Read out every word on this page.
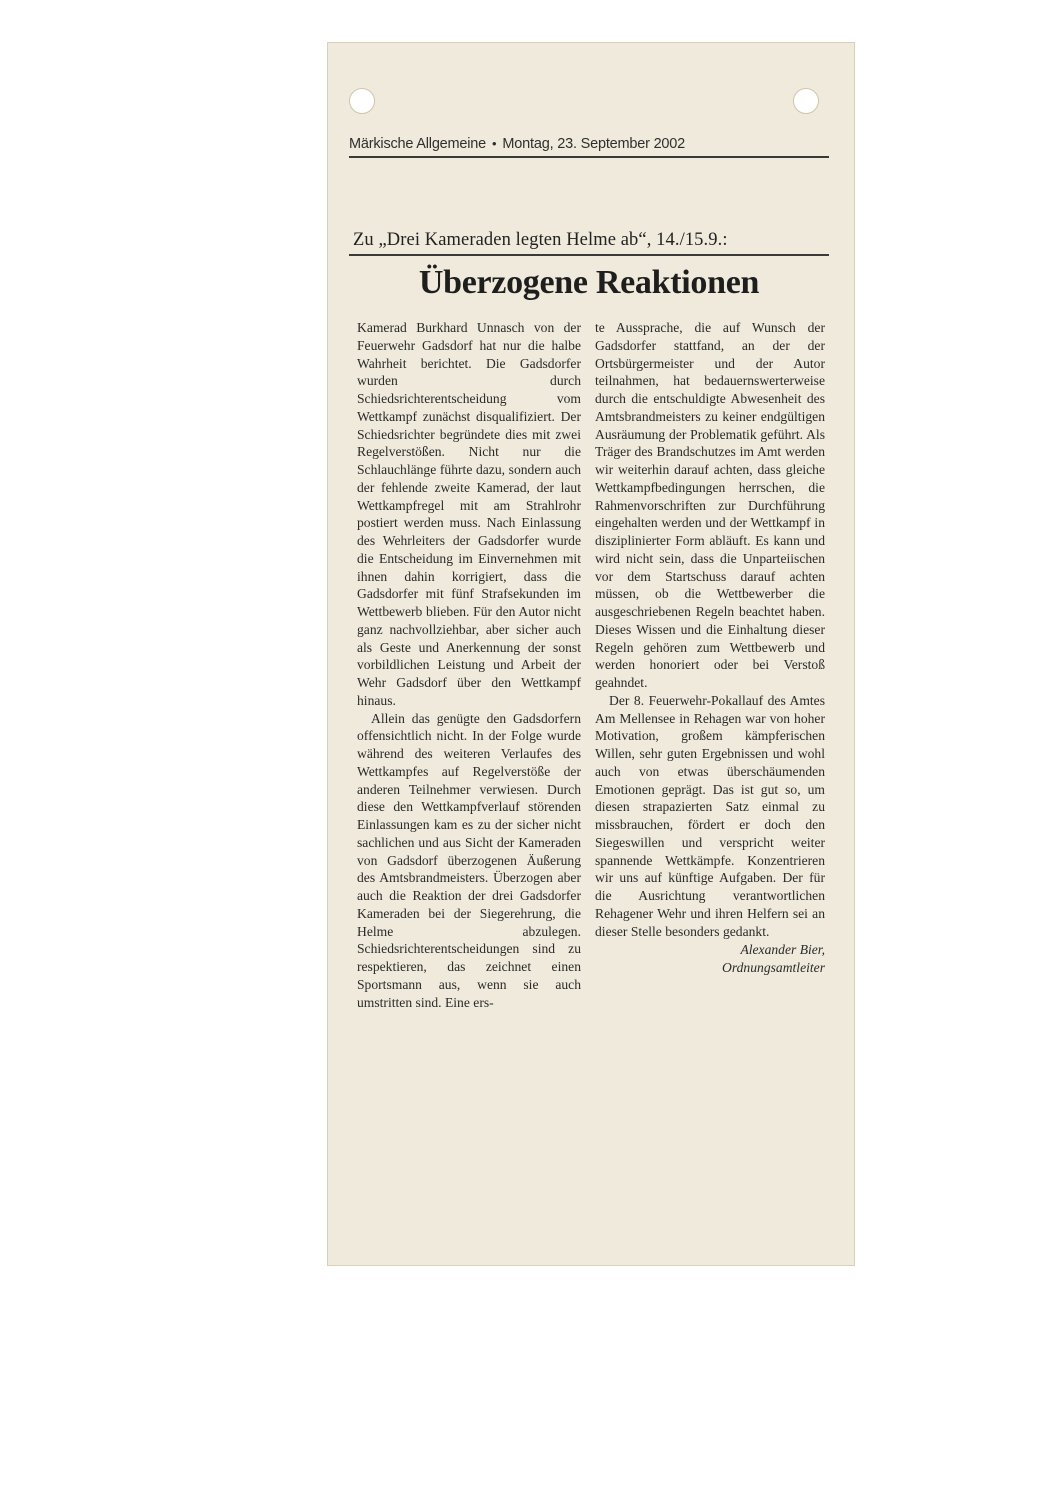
Märkische Allgemeine • Montag, 23. September 2002
Zu „Drei Kameraden legten Helme ab“, 14./15.9.:
Überzogene Reaktionen

Kamerad Burkhard Unnasch von der Feuerwehr Gadsdorf hat nur die halbe Wahrheit berichtet. Die Gadsdorfer wurden durch Schiedsrichterentscheidung vom Wettkampf zunächst disqualifiziert. Der Schiedsrichter begründete dies mit zwei Regelverstößen. Nicht nur die Schlauchlänge führte dazu, sondern auch der fehlende zweite Kamerad, der laut Wettkampfregel mit am Strahlrohr postiert werden muss. Nach Einlassung des Wehrleiters der Gadsdorfer wurde die Entscheidung im Einvernehmen mit ihnen dahin korrigiert, dass die Gadsdorfer mit fünf Strafsekunden im Wettbewerb blieben. Für den Autor nicht ganz nachvollziehbar, aber sicher auch als Geste und Anerkennung der sonst vorbildlichen Leistung und Arbeit der Wehr Gadsdorf über den Wettkampf hinaus.

Allein das genügte den Gadsdorfern offensichtlich nicht. In der Folge wurde während des weiteren Verlaufes des Wettkampfes auf Regelverstöße der anderen Teilnehmer verwiesen. Durch diese den Wettkampfverlauf störenden Einlassungen kam es zu der sicher nicht sachlichen und aus Sicht der Kameraden von Gadsdorf überzogenen Äußerung des Amtsbrandmeisters. Überzogen aber auch die Reaktion der drei Gadsdorfer Kameraden bei der Siegerehrung, die Helme abzulegen. Schiedsrichterentscheidungen sind zu respektieren, das zeichnet einen Sportsmann aus, wenn sie auch umstritten sind. Eine ers-

te Aussprache, die auf Wunsch der Gadsdorfer stattfand, an der der Ortsbürgermeister und der Autor teilnahmen, hat bedauernswerterweise durch die entschuldigte Abwesenheit des Amtsbrandmeisters zu keiner endgültigen Ausräumung der Problematik geführt. Als Träger des Brandschutzes im Amt werden wir weiterhin darauf achten, dass gleiche Wettkampfbedingungen herrschen, die Rahmenvorschriften zur Durchführung eingehalten werden und der Wettkampf in disziplinierter Form abläuft. Es kann und wird nicht sein, dass die Unparteiischen vor dem Startschuss darauf achten müssen, ob die Wettbewerber die ausgeschriebenen Regeln beachtet haben. Dieses Wissen und die Einhaltung dieser Regeln gehören zum Wettbewerb und werden honoriert oder bei Verstoß geahndet.

Der 8. Feuerwehr-Pokallauf des Amtes Am Mellensee in Rehagen war von hoher Motivation, großem kämpferischen Willen, sehr guten Ergebnissen und wohl auch von etwas überschäumenden Emotionen geprägt. Das ist gut so, um diesen strapazierten Satz einmal zu missbrauchen, fördert er doch den Siegeswillen und verspricht weiter spannende Wettkämpfe. Konzentrieren wir uns auf künftige Aufgaben. Der für die Ausrichtung verantwortlichen Rehagener Wehr und ihren Helfern sei an dieser Stelle besonders gedankt.

Alexander Bier,
Ordnungsamtleiter
